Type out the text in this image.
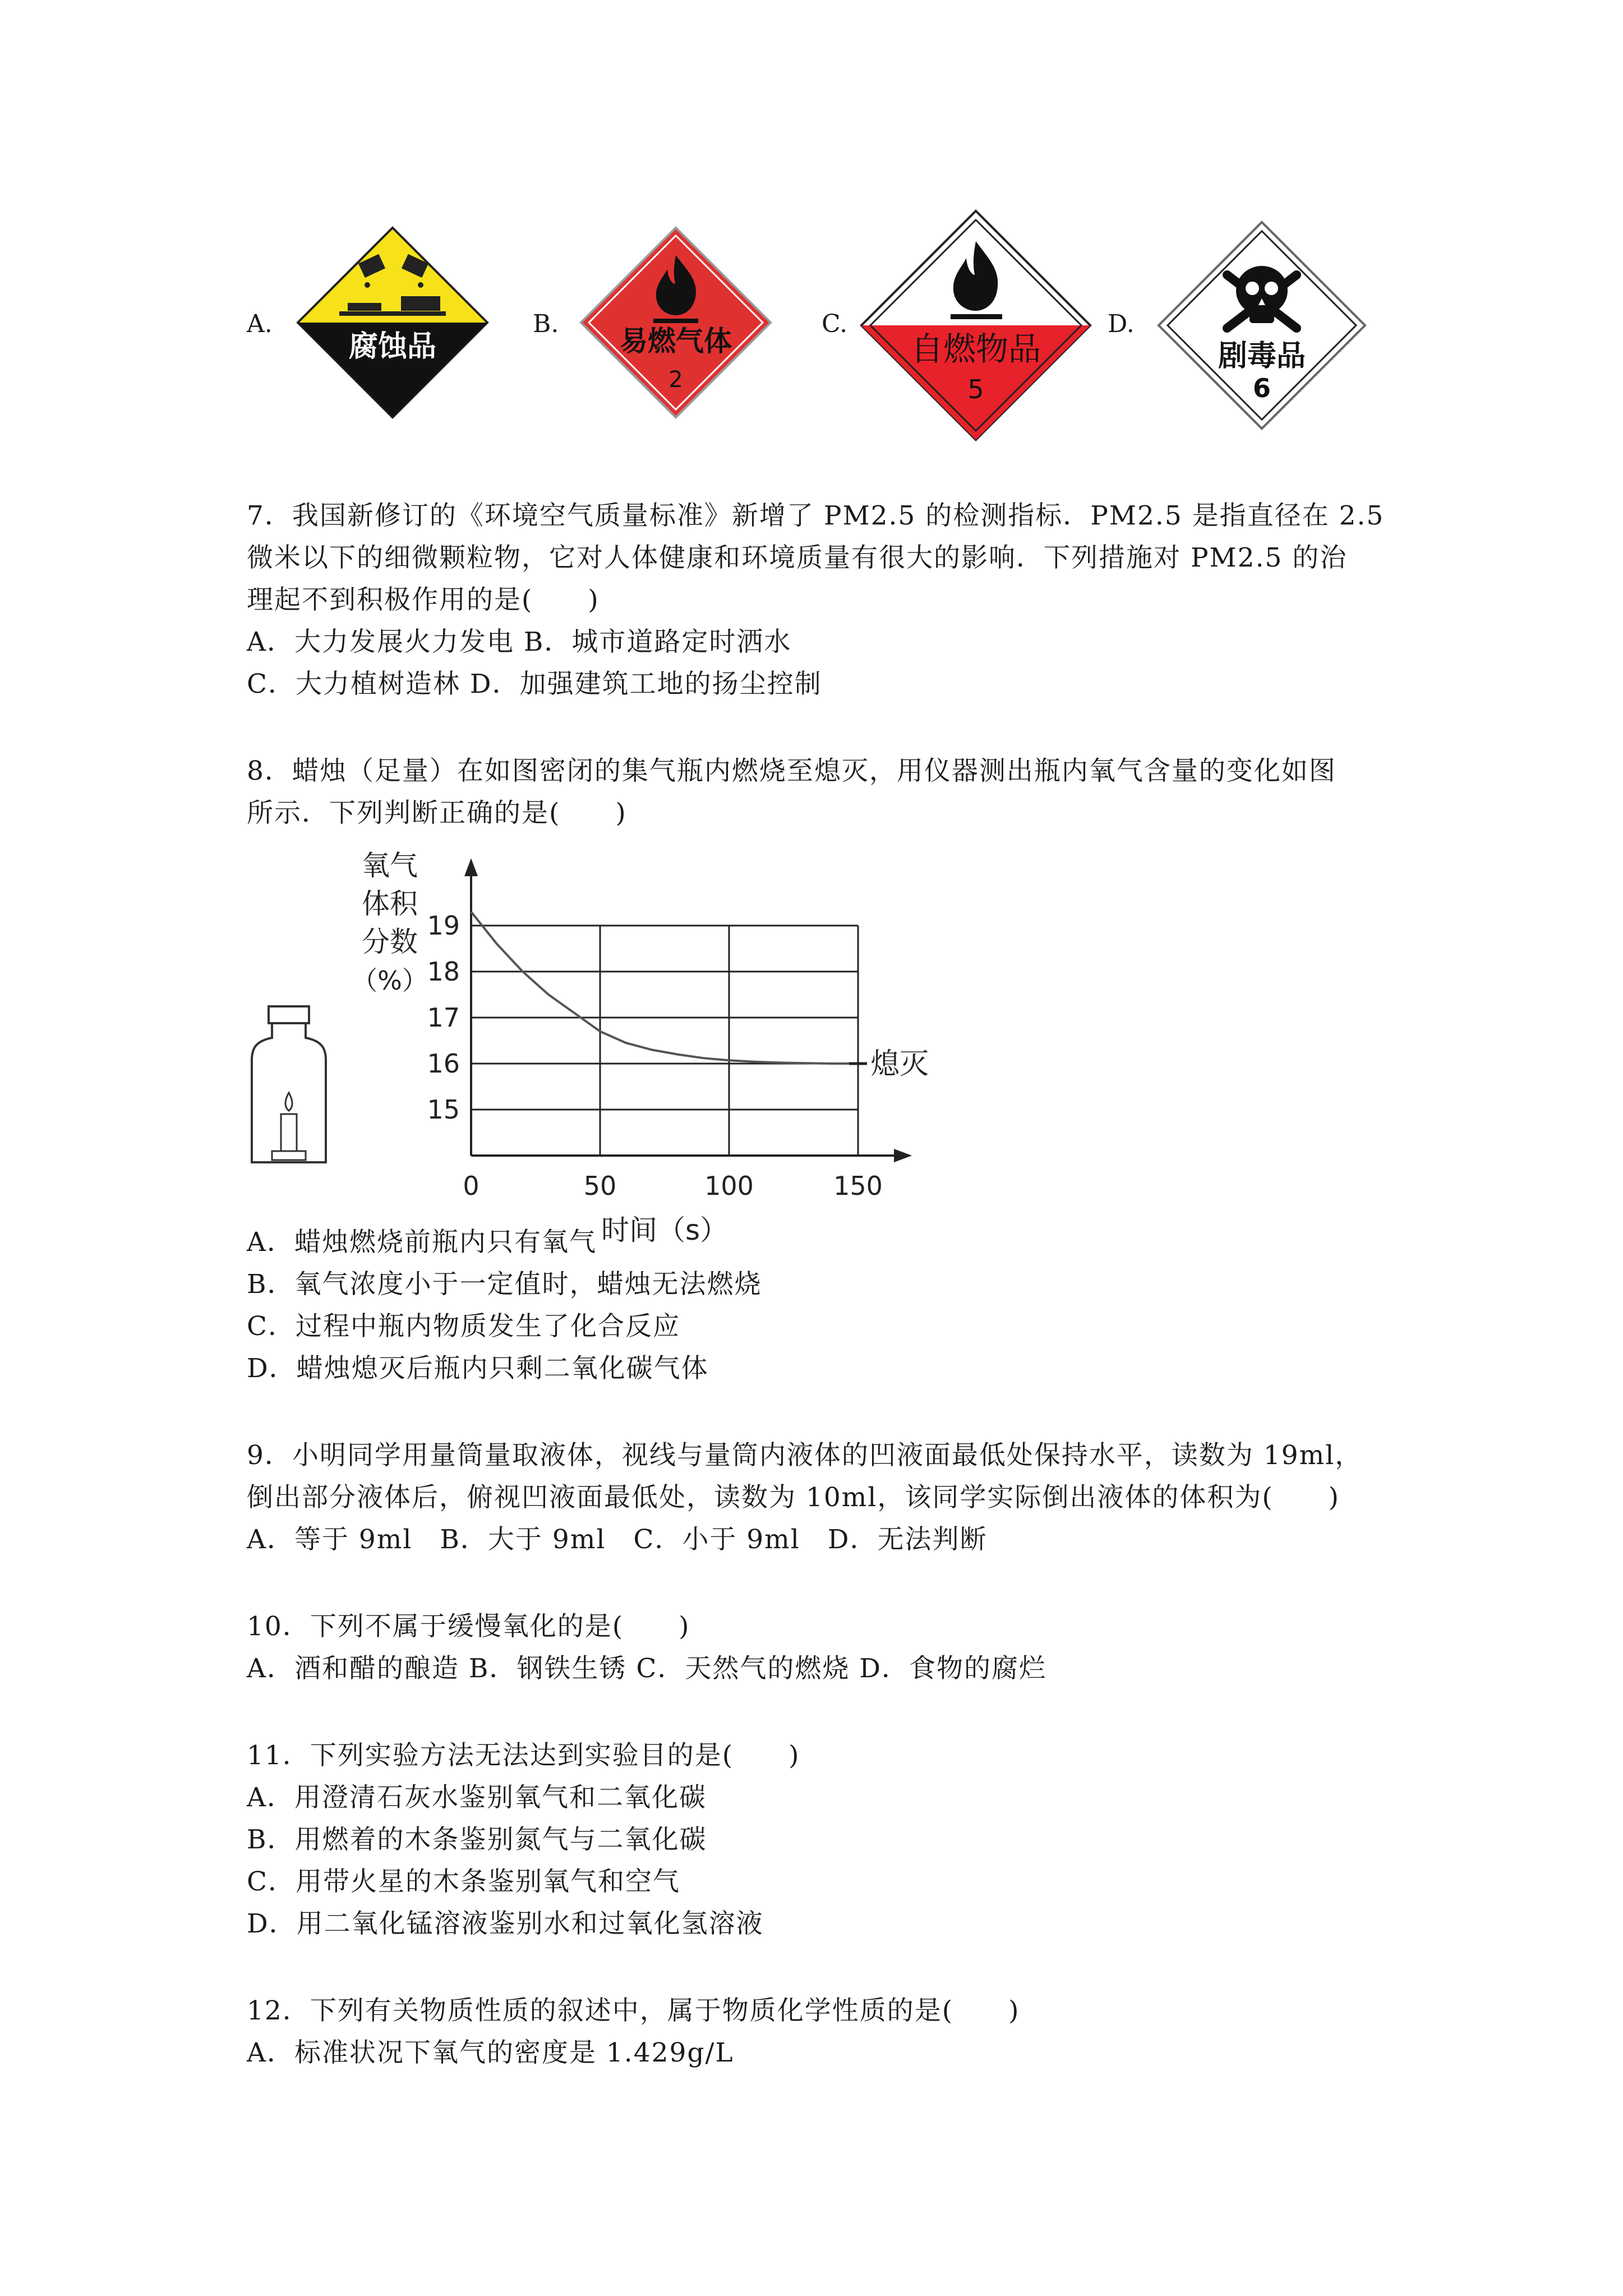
A.	B.	C.	D.
腐蚀品	易燃气体
2
自燃物品
5
剧毒品
6
7．我国新修订的《环境空气质量标准》新增了 PM2.5 的检测指标．PM2.5 是指直径在 2.5
微米以下的细微颗粒物，它对人体健康和环境质量有很大的影响．下列措施对 PM2.5 的治
理起不到积极作用的是(　　)
A．大力发展火力发电 B．城市道路定时洒水
C．大力植树造林 D．加强建筑工地的扬尘控制
8．蜡烛（足量）在如图密闭的集气瓶内燃烧至熄灭，用仪器测出瓶内氧气含量的变化如图
所示．下列判断正确的是(　　)
氧气
体积
分数
（%）
15
16
17
18
19
0	50	100	150
熄灭
时间（s）
A．蜡烛燃烧前瓶内只有氧气
B．氧气浓度小于一定值时，蜡烛无法燃烧
C．过程中瓶内物质发生了化合反应
D．蜡烛熄灭后瓶内只剩二氧化碳气体
9．小明同学用量筒量取液体，视线与量筒内液体的凹液面最低处保持水平，读数为 19ml，
倒出部分液体后，俯视凹液面最低处，读数为 10ml，该同学实际倒出液体的体积为(　　)
A．等于 9ml　B．大于 9ml　C．小于 9ml　D．无法判断
10．下列不属于缓慢氧化的是(　　)
A．酒和醋的酿造 B．钢铁生锈 C．天然气的燃烧 D．食物的腐烂
11．下列实验方法无法达到实验目的是(　　)
A．用澄清石灰水鉴别氧气和二氧化碳
B．用燃着的木条鉴别氮气与二氧化碳
C．用带火星的木条鉴别氧气和空气
D．用二氧化锰溶液鉴别水和过氧化氢溶液
12．下列有关物质性质的叙述中，属于物质化学性质的是(　　)
A．标准状况下氧气的密度是 1.429g/L
